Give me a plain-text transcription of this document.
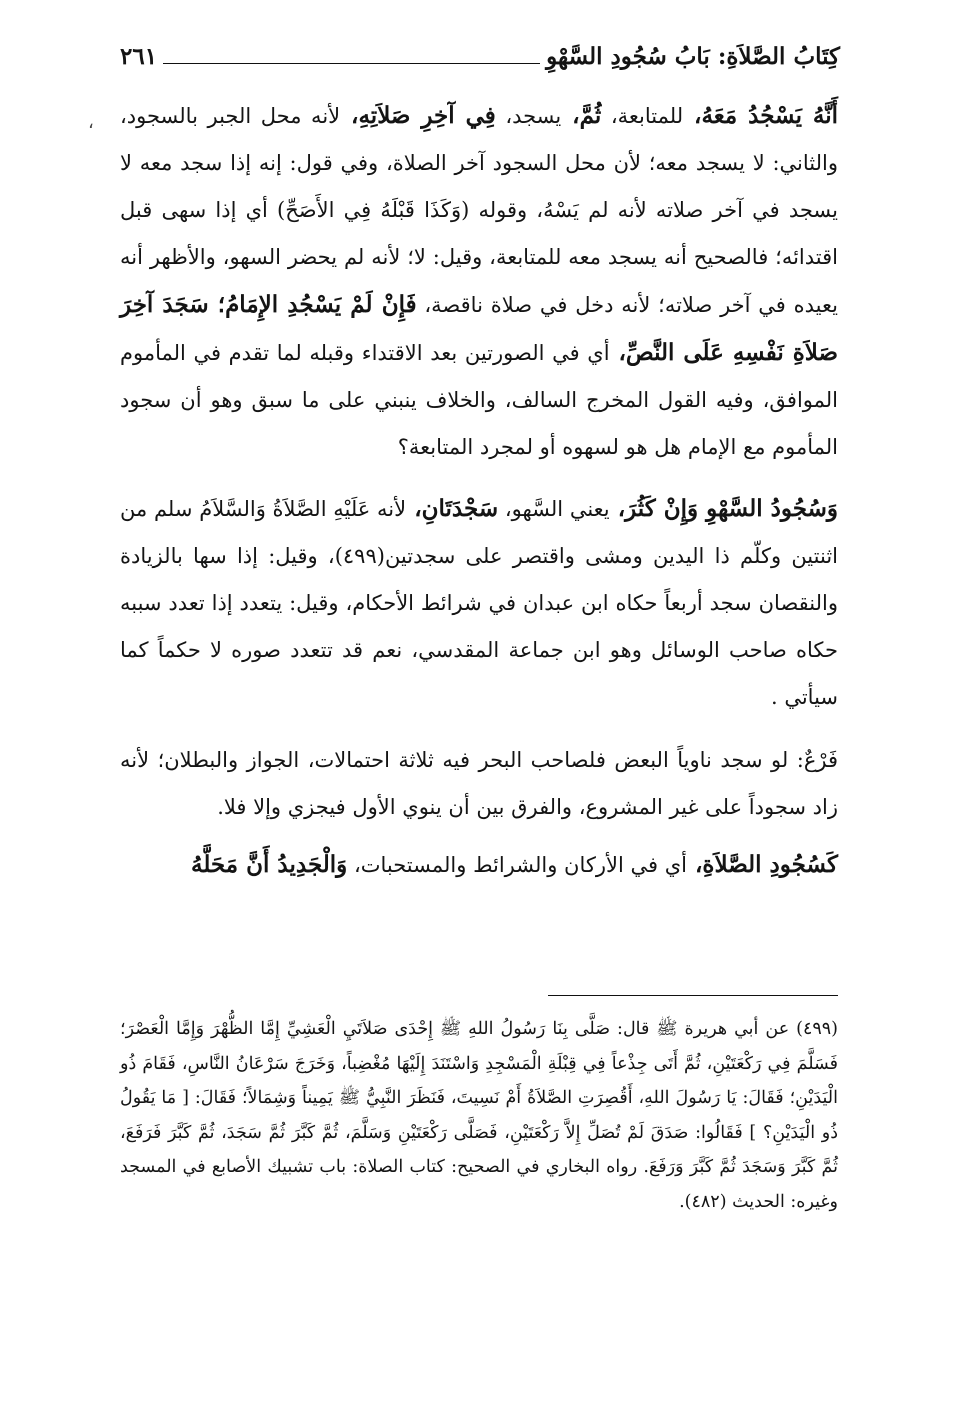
كِتَابُ الصَّلاَةِ: بَابُ سُجُودِ السَّهْوِ
٢٦١
،	أَنَّهُ يَسْجُدُ مَعَهُ، للمتابعة، ثُمَّ، يسجد، فِي آخِرِ صَلاَتِهِ، لأنه محل الجبر بالسجود، والثاني: لا يسجد معه؛ لأن محل السجود آخر الصلاة، وفي قول: إنه إذا سجد معه لا يسجد في آخر صلاته لأنه لم يَسْهُ، وقوله (وَكَذَا قَبْلَهُ فِي الأَصَحِّ) أي إذا سهى قبل اقتدائه؛ فالصحيح أنه يسجد معه للمتابعة، وقيل: لا؛ لأنه لم يحضر السهو، والأظهر أنه يعيده في آخر صلاته؛ لأنه دخل في صلاة ناقصة، فَإِنْ لَمْ يَسْجُدِ الإِمَامُ؛ سَجَدَ آخِرَ صَلاَةِ نَفْسِهِ عَلَى النَّصِّ، أي في الصورتين بعد الاقتداء وقبله لما تقدم في المأموم الموافق، وفيه القول المخرج السالف، والخلاف ينبني على ما سبق وهو أن سجود المأموم مع الإمام هل هو لسهوه أو لمجرد المتابعة؟

وَسُجُودُ السَّهْوِ وَإِنْ كَثُرَ، يعني السَّهو، سَجْدَتَانِ، لأنه عَلَيْهِ الصَّلاَةُ وَالسَّلاَمُ سلم من اثنتين وكلّم ذا اليدين ومشى واقتصر على سجدتين(٤٩٩)، وقيل: إذا سها بالزيادة والنقصان سجد أربعاً حكاه ابن عبدان في شرائط الأحكام، وقيل: يتعدد إذا تعدد سببه حكاه صاحب الوسائل وهو ابن جماعة المقدسي، نعم قد تتعدد صوره لا حكماً كما سيأتي .

فَرْعٌ: لو سجد ناوياً البعض فلصاحب البحر فيه ثلاثة احتمالات، الجواز والبطلان؛ لأنه زاد سجوداً على غير المشروع، والفرق بين أن ينوي الأول فيجزي وإلا فلا.

كَسُجُودِ الصَّلاَةِ، أي في الأركان والشرائط والمستحبات، وَالْجَدِيدُ أَنَّ مَحَلَّهُ

(٤٩٩) عن أبي هريرة ﷺ قال: صَلَّى بِنَا رَسُولُ اللهِ ﷺ إِحْدَى صَلاَتَيِ الْعَشِيِّ إِمَّا الظُّهْرَ وَإِمَّا الْعَصْرَ؛ فَسَلَّمَ فِي رَكْعَتَيْنِ، ثُمَّ أَتَى جِذْعاً فِي قِبْلَةِ الْمَسْجِدِ وَاسْتَنَدَ إِلَيْهَا مُغْضِباً، وَخَرَجَ سَرْعَانُ النَّاسِ، فَقَامَ ذُو الْيَدَيْنِ؛ فَقَالَ: يَا رَسُولَ اللهِ، أَقُصِرَتِ الصَّلاَةُ أَمْ نَسِيتَ، فَنَظَرَ النَّبِيُّ ﷺ يَمِيناً وَشِمَالاً؛ فَقَالَ: [ مَا يَقُولُ ذُو الْيَدَيْنِ؟ ] فَقَالُوا: صَدَقَ لَمْ تُصَلِّ إِلاَّ رَكْعَتَيْنِ، فَصَلَّى رَكْعَتَيْنِ وَسَلَّمَ، ثُمَّ كَبَّرَ ثُمَّ سَجَدَ، ثُمَّ كَبَّرَ فَرَفَعَ، ثُمَّ كَبَّرَ وَسَجَدَ ثُمَّ كَبَّرَ وَرَفَعَ. رواه البخاري في الصحيح: كتاب الصلاة: باب تشبيك الأصابع في المسجد وغيره: الحديث (٤٨٢).
